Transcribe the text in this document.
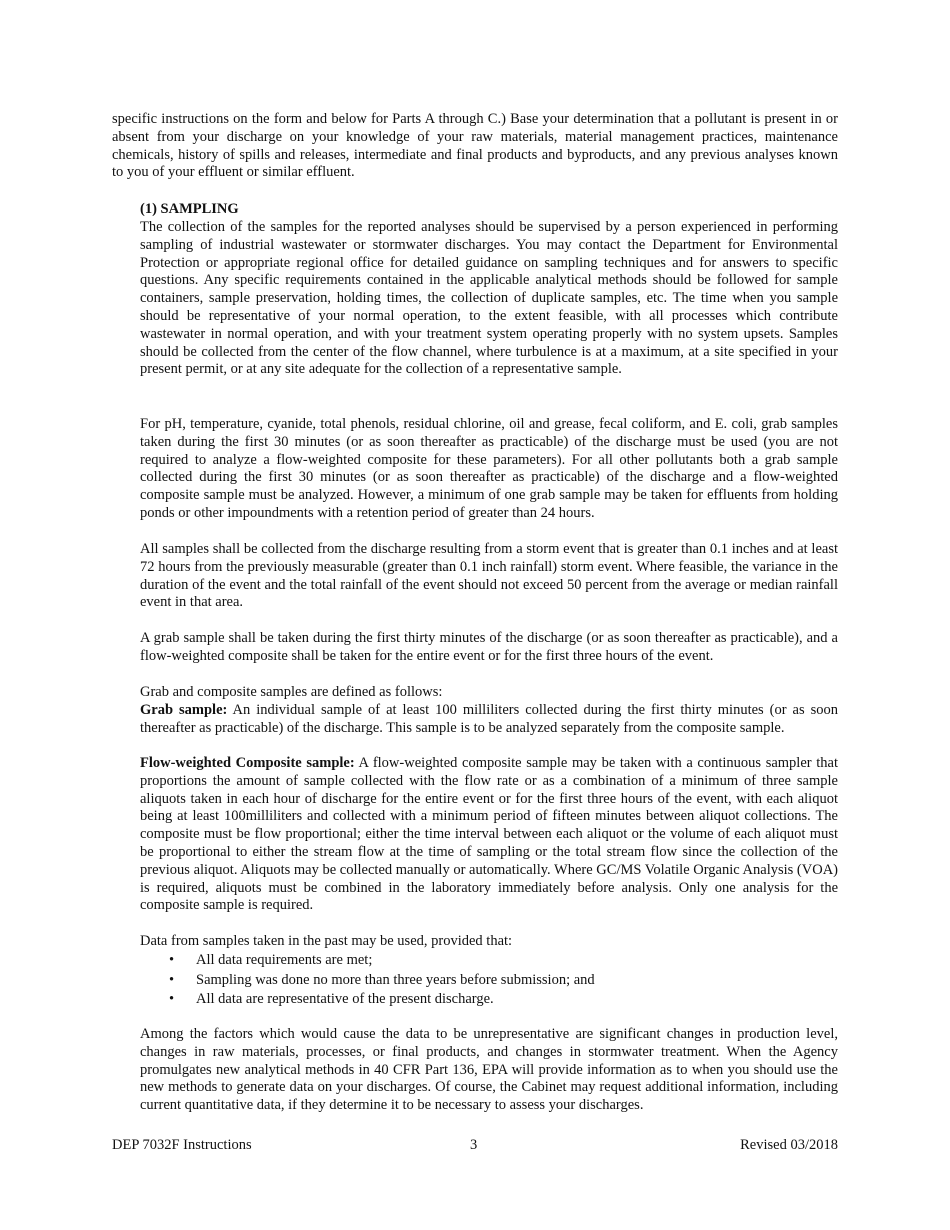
specific instructions on the form and below for Parts A through C.) Base your determination that a pollutant is present in or absent from your discharge on your knowledge of your raw materials, material management practices, maintenance chemicals, history of spills and releases, intermediate and final products and byproducts, and any previous analyses known to you of your effluent or similar effluent.

(1) SAMPLING

The collection of the samples for the reported analyses should be supervised by a person experienced in performing sampling of industrial wastewater or stormwater discharges. You may contact the Department for Environmental Protection or appropriate regional office for detailed guidance on sampling techniques and for answers to specific questions. Any specific requirements contained in the applicable analytical methods should be followed for sample containers, sample preservation, holding times, the collection of duplicate samples, etc. The time when you sample should be representative of your normal operation, to the extent feasible, with all processes which contribute wastewater in normal operation, and with your treatment system operating properly with no system upsets. Samples should be collected from the center of the flow channel, where turbulence is at a maximum, at a site specified in your present permit, or at any site adequate for the collection of a representative sample.

For pH, temperature, cyanide, total phenols, residual chlorine, oil and grease, fecal coliform, and E. coli, grab samples taken during the first 30 minutes (or as soon thereafter as practicable) of the discharge must be used (you are not required to analyze a flow-weighted composite for these parameters). For all other pollutants both a grab sample collected during the first 30 minutes (or as soon thereafter as practicable) of the discharge and a flow-weighted composite sample must be analyzed. However, a minimum of one grab sample may be taken for effluents from holding ponds or other impoundments with a retention period of greater than 24 hours.

All samples shall be collected from the discharge resulting from a storm event that is greater than 0.1 inches and at least 72 hours from the previously measurable (greater than 0.1 inch rainfall) storm event. Where feasible, the variance in the duration of the event and the total rainfall of the event should not exceed 50 percent from the average or median rainfall event in that area.

A grab sample shall be taken during the first thirty minutes of the discharge (or as soon thereafter as practicable), and a flow-weighted composite shall be taken for the entire event or for the first three hours of the event.

Grab and composite samples are defined as follows:

Grab sample: An individual sample of at least 100 milliliters collected during the first thirty minutes (or as soon thereafter as practicable) of the discharge. This sample is to be analyzed separately from the composite sample.

Flow-weighted Composite sample: A flow-weighted composite sample may be taken with a continuous sampler that proportions the amount of sample collected with the flow rate or as a combination of a minimum of three sample aliquots taken in each hour of discharge for the entire event or for the first three hours of the event, with each aliquot being at least 100milliliters and collected with a minimum period of fifteen minutes between aliquot collections. The composite must be flow proportional; either the time interval between each aliquot or the volume of each aliquot must be proportional to either the stream flow at the time of sampling or the total stream flow since the collection of the previous aliquot. Aliquots may be collected manually or automatically. Where GC/MS Volatile Organic Analysis (VOA) is required, aliquots must be combined in the laboratory immediately before analysis. Only one analysis for the composite sample is required.

Data from samples taken in the past may be used, provided that:

• All data requirements are met;
• Sampling was done no more than three years before submission; and
• All data are representative of the present discharge.

Among the factors which would cause the data to be unrepresentative are significant changes in production level, changes in raw materials, processes, or final products, and changes in stormwater treatment. When the Agency promulgates new analytical methods in 40 CFR Part 136, EPA will provide information as to when you should use the new methods to generate data on your discharges. Of course, the Cabinet may request additional information, including current quantitative data, if they determine it to be necessary to assess your discharges.

DEP 7032F Instructions	3	Revised 03/2018
